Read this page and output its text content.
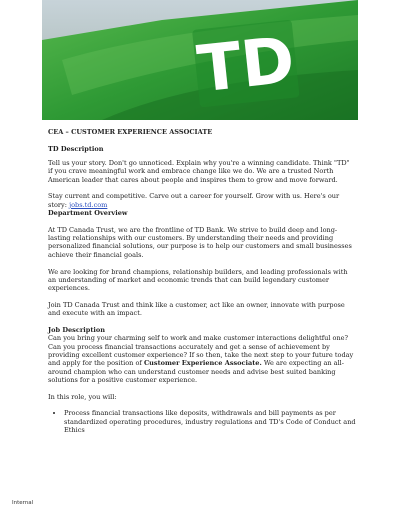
TD

CEA – CUSTOMER EXPERIENCE ASSOCIATE

TD Description

Tell us your story. Don't go unnoticed. Explain why you're a winning candidate. Think "TD" if you crave meaningful work and embrace change like we do. We are a trusted North American leader that cares about people and inspires them to grow and move forward.

Stay current and competitive. Carve out a career for yourself. Grow with us. Here's our story: jobs.td.com

Department Overview

At TD Canada Trust, we are the frontline of TD Bank. We strive to build deep and long-lasting relationships with our customers. By understanding their needs and providing personalized financial solutions, our purpose is to help our customers and small businesses achieve their financial goals.

We are looking for brand champions, relationship builders, and leading professionals with an understanding of market and economic trends that can build legendary customer experiences.

Join TD Canada Trust and think like a customer, act like an owner, innovate with purpose and execute with an impact.

Job Description

Can you bring your charming self to work and make customer interactions delightful one? Can you process financial transactions accurately and get a sense of achievement by providing excellent customer experience? If so then, take the next step to your future today and apply for the position of Customer Experience Associate. We are expecting an all-around champion who can understand customer needs and advise best suited banking solutions for a positive customer experience.

In this role, you will:

• Process financial transactions like deposits, withdrawals and bill payments as per standardized operating procedures, industry regulations and TD's Code of Conduct and Ethics
Internal
